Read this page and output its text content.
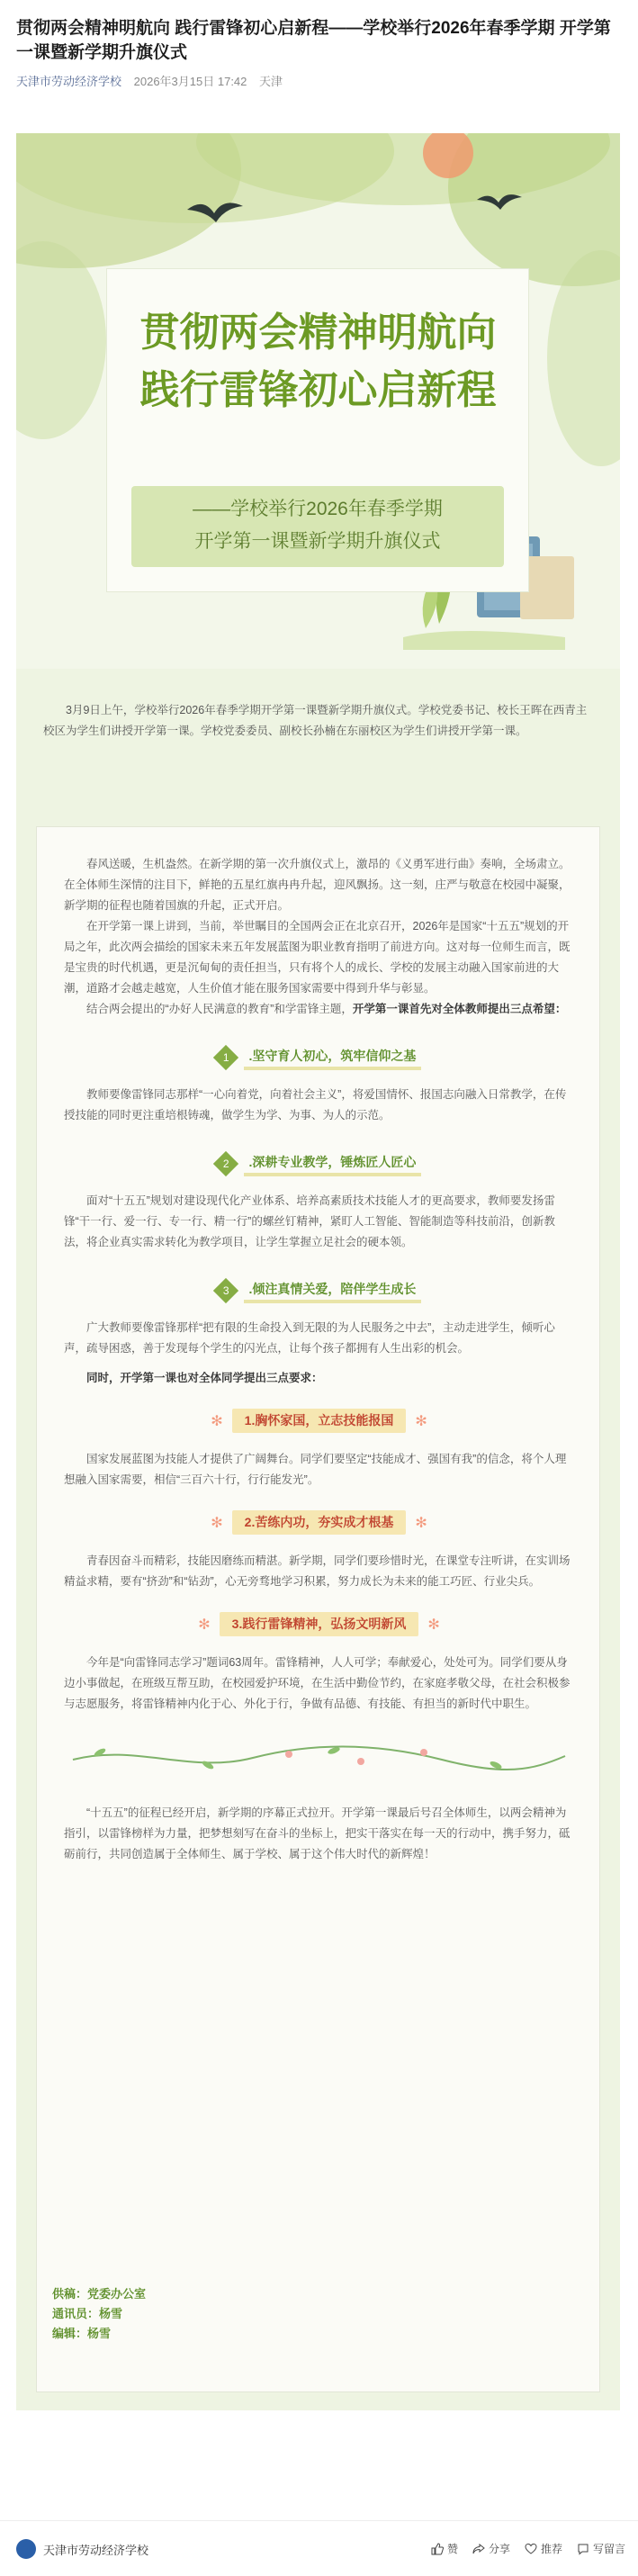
贯彻两会精神明航向 践行雷锋初心启新程——学校举行2026年春季学期 开学第一课暨新学期升旗仪式
天津市劳动经济学校 2026年3月15日 17:42 天津
贯彻两会精神明航向
践行雷锋初心启新程
——学校举行2026年春季学期
开学第一课暨新学期升旗仪式

3月9日上午，学校举行2026年春季学期开学第一课暨新学期升旗仪式。学校党委书记、校长王晖在西青主校区为学生们讲授开学第一课。学校党委委员、副校长孙楠在东丽校区为学生们讲授开学第一课。

春风送暖，生机盎然。在新学期的第一次升旗仪式上，激昂的《义勇军进行曲》奏响，全场肃立。在全体师生深情的注目下，鲜艳的五星红旗冉冉升起，迎风飘扬。这一刻，庄严与敬意在校园中凝聚，新学期的征程也随着国旗的升起，正式开启。

在开学第一课上讲到，当前，举世瞩目的全国两会正在北京召开，2026年是国家“十五五”规划的开局之年，此次两会描绘的国家未来五年发展蓝图为职业教育指明了前进方向。这对每一位师生而言，既是宝贵的时代机遇，更是沉甸甸的责任担当，只有将个人的成长、学校的发展主动融入国家前进的大潮，道路才会越走越宽，人生价值才能在服务国家需要中得到升华与彰显。

结合两会提出的“办好人民满意的教育”和学雷锋主题，开学第一课首先对全体教师提出三点希望：

1 .坚守育人初心，筑牢信仰之基

教师要像雷锋同志那样“一心向着党，向着社会主义”，将爱国情怀、报国志向融入日常教学，在传授技能的同时更注重培根铸魂，做学生为学、为事、为人的示范。

2 .深耕专业教学，锤炼匠人匠心

面对“十五五”规划对建设现代化产业体系、培养高素质技术技能人才的更高要求，教师要发扬雷锋“干一行、爱一行、专一行、精一行”的螺丝钉精神，紧盯人工智能、智能制造等科技前沿，创新教法，将企业真实需求转化为教学项目，让学生掌握立足社会的硬本领。

3 .倾注真情关爱，陪伴学生成长

广大教师要像雷锋那样“把有限的生命投入到无限的为人民服务之中去”，主动走进学生，倾听心声，疏导困惑，善于发现每个学生的闪光点，让每个孩子都拥有人生出彩的机会。

同时，开学第一课也对全体同学提出三点要求：

✻ 1.胸怀家国，立志技能报国 ✻

国家发展蓝图为技能人才提供了广阔舞台。同学们要坚定“技能成才、强国有我”的信念，将个人理想融入国家需要，相信“三百六十行，行行能发光”。

✻ 2.苦练内功，夯实成才根基 ✻

青春因奋斗而精彩，技能因磨练而精湛。新学期，同学们要珍惜时光，在课堂专注听讲，在实训场精益求精，要有“挤劲”和“钻劲”，心无旁骛地学习积累，努力成长为未来的能工巧匠、行业尖兵。

✻ 3.践行雷锋精神，弘扬文明新风 ✻

今年是“向雷锋同志学习”题词63周年。雷锋精神，人人可学；奉献爱心，处处可为。同学们要从身边小事做起，在班级互帮互助，在校园爱护环境，在生活中勤俭节约，在家庭孝敬父母，在社会积极参与志愿服务，将雷锋精神内化于心、外化于行，争做有品德、有技能、有担当的新时代中职生。

“十五五”的征程已经开启，新学期的序幕正式拉开。开学第一课最后号召全体师生，以两会精神为指引，以雷锋榜样为力量，把梦想刻写在奋斗的坐标上，把实干落实在每一天的行动中，携手努力，砥砺前行，共同创造属于全体师生、属于学校、属于这个伟大时代的新辉煌！

供稿：党委办公室
通讯员：杨雪
编辑：杨雪
天津市劳动经济学校	赞	分享	推荐	写留言
